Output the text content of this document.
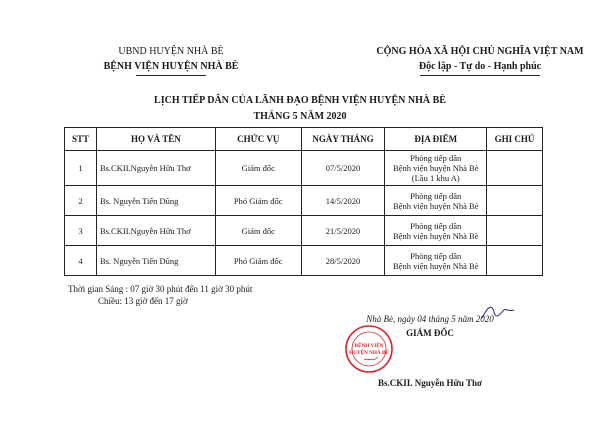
UBND HUYỆN NHÀ BÈ
BỆNH VIỆN HUYỆN NHÀ BÈ
CỘNG HÒA XÃ HỘI CHỦ NGHĨA VIỆT NAM
Độc lập - Tự do - Hạnh phúc
LỊCH TIẾP DÂN CỦA LÃNH ĐẠO BỆNH VIỆN HUYỆN NHÀ BÈ
THÁNG 5 NĂM 2020
STT	HỌ VÀ TÊN	CHỨC VỤ	NGÀY THÁNG	ĐỊA ĐIỂM	GHI CHÚ
1	Bs.CKII.Nguyễn Hữu Thơ	Giám đốc	07/5/2020	Phòng tiếp dân
Bệnh viện huyện Nhà Bè
(Lầu 1 khu A)	

2	Bs. Nguyễn Tiến Dũng	Phó Giám đốc	14/5/2020	Phòng tiếp dân
Bệnh viện huyện Nhà Bè	

3	Bs.CKII.Nguyễn Hữu Thơ	Giám đốc	21/5/2020	Phòng tiếp dân
Bệnh viện huyện Nhà Bè	

4	Bs. Nguyễn Tiến Dũng	Phó Giám đốc	28/5/2020	Phòng tiếp dân
Bệnh viện huyện Nhà Bè	

Thời gian Sáng : 07 giờ 30 phút đến 11 giờ 30 phút
Chiều: 13 giờ đến 17 giờ
Nhà Bè, ngày 04 tháng 5 năm 2020
GIÁM ĐỐC
Bs.CKII. Nguyễn Hữu Thơ
BỆNH VIỆN
HUYỆN NHÀ BÈ
